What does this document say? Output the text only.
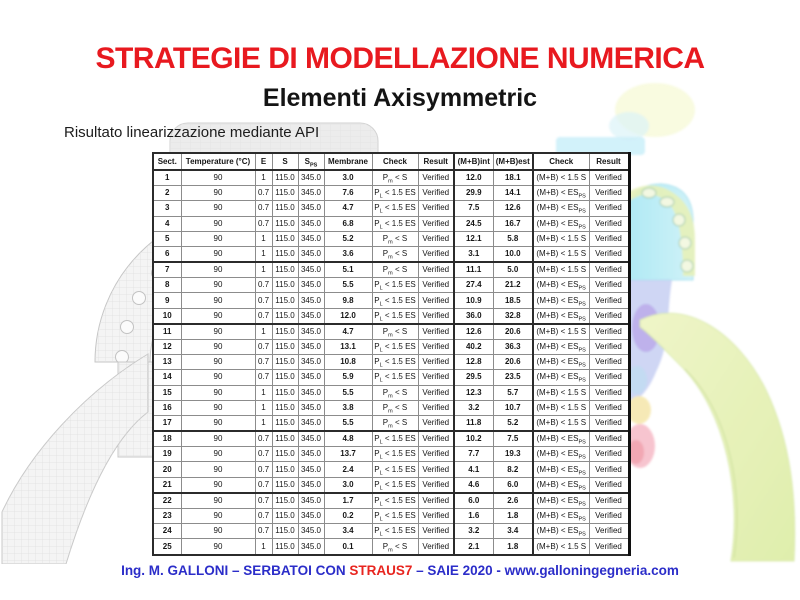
STRATEGIE DI MODELLAZIONE NUMERICA
Elementi Axisymmetric
Risultato linearizzazione mediante API
Sect.	Temperature (°C)	E	S	$S_{PS}$	Membrane	Check	Result	(M+B)int	(M+B)est	Check	Result
1	90	1	115.0	345.0	3.0	$P_m < S$	Verified	12.0	18.1	(M+B) < 1.5 S	Verified
2	90	0.7	115.0	345.0	7.6	$P_L < 1.5$ ES	Verified	29.9	14.1	$(M+B) < ES_{PS}$	Verified
3	90	0.7	115.0	345.0	4.7	$P_L < 1.5$ ES	Verified	7.5	12.6	$(M+B) < ES_{PS}$	Verified
4	90	0.7	115.0	345.0	6.8	$P_L < 1.5$ ES	Verified	24.5	16.7	$(M+B) < ES_{PS}$	Verified
5	90	1	115.0	345.0	5.2	$P_m < S$	Verified	12.1	5.8	(M+B) < 1.5 S	Verified
6	90	1	115.0	345.0	3.6	$P_m < S$	Verified	3.1	10.0	(M+B) < 1.5 S	Verified
7	90	1	115.0	345.0	5.1	$P_m < S$	Verified	11.1	5.0	(M+B) < 1.5 S	Verified
8	90	0.7	115.0	345.0	5.5	$P_L < 1.5$ ES	Verified	27.4	21.2	$(M+B) < ES_{PS}$	Verified
9	90	0.7	115.0	345.0	9.8	$P_L < 1.5$ ES	Verified	10.9	18.5	$(M+B) < ES_{PS}$	Verified
10	90	0.7	115.0	345.0	12.0	$P_L < 1.5$ ES	Verified	36.0	32.8	$(M+B) < ES_{PS}$	Verified
11	90	1	115.0	345.0	4.7	$P_m < S$	Verified	12.6	20.6	(M+B) < 1.5 S	Verified
12	90	0.7	115.0	345.0	13.1	$P_L < 1.5$ ES	Verified	40.2	36.3	$(M+B) < ES_{PS}$	Verified
13	90	0.7	115.0	345.0	10.8	$P_L < 1.5$ ES	Verified	12.8	20.6	$(M+B) < ES_{PS}$	Verified
14	90	0.7	115.0	345.0	5.9	$P_L < 1.5$ ES	Verified	29.5	23.5	$(M+B) < ES_{PS}$	Verified
15	90	1	115.0	345.0	5.5	$P_m < S$	Verified	12.3	5.7	(M+B) < 1.5 S	Verified
16	90	1	115.0	345.0	3.8	$P_m < S$	Verified	3.2	10.7	(M+B) < 1.5 S	Verified
17	90	1	115.0	345.0	5.5	$P_m < S$	Verified	11.8	5.2	(M+B) < 1.5 S	Verified
18	90	0.7	115.0	345.0	4.8	$P_L < 1.5$ ES	Verified	10.2	7.5	$(M+B) < ES_{PS}$	Verified
19	90	0.7	115.0	345.0	13.7	$P_L < 1.5$ ES	Verified	7.7	19.3	$(M+B) < ES_{PS}$	Verified
20	90	0.7	115.0	345.0	2.4	$P_L < 1.5$ ES	Verified	4.1	8.2	$(M+B) < ES_{PS}$	Verified
21	90	0.7	115.0	345.0	3.0	$P_L < 1.5$ ES	Verified	4.6	6.0	$(M+B) < ES_{PS}$	Verified
22	90	0.7	115.0	345.0	1.7	$P_L < 1.5$ ES	Verified	6.0	2.6	$(M+B) < ES_{PS}$	Verified
23	90	0.7	115.0	345.0	0.2	$P_L < 1.5$ ES	Verified	1.6	1.8	$(M+B) < ES_{PS}$	Verified
24	90	0.7	115.0	345.0	3.4	$P_L < 1.5$ ES	Verified	3.2	3.4	$(M+B) < ES_{PS}$	Verified
25	90	1	115.0	345.0	0.1	$P_m < S$	Verified	2.1	1.8	(M+B) < 1.5 S	Verified
Ing. M. GALLONI – SERBATOI CON STRAUS7 – SAIE 2020 - www.galloningegneria.com
